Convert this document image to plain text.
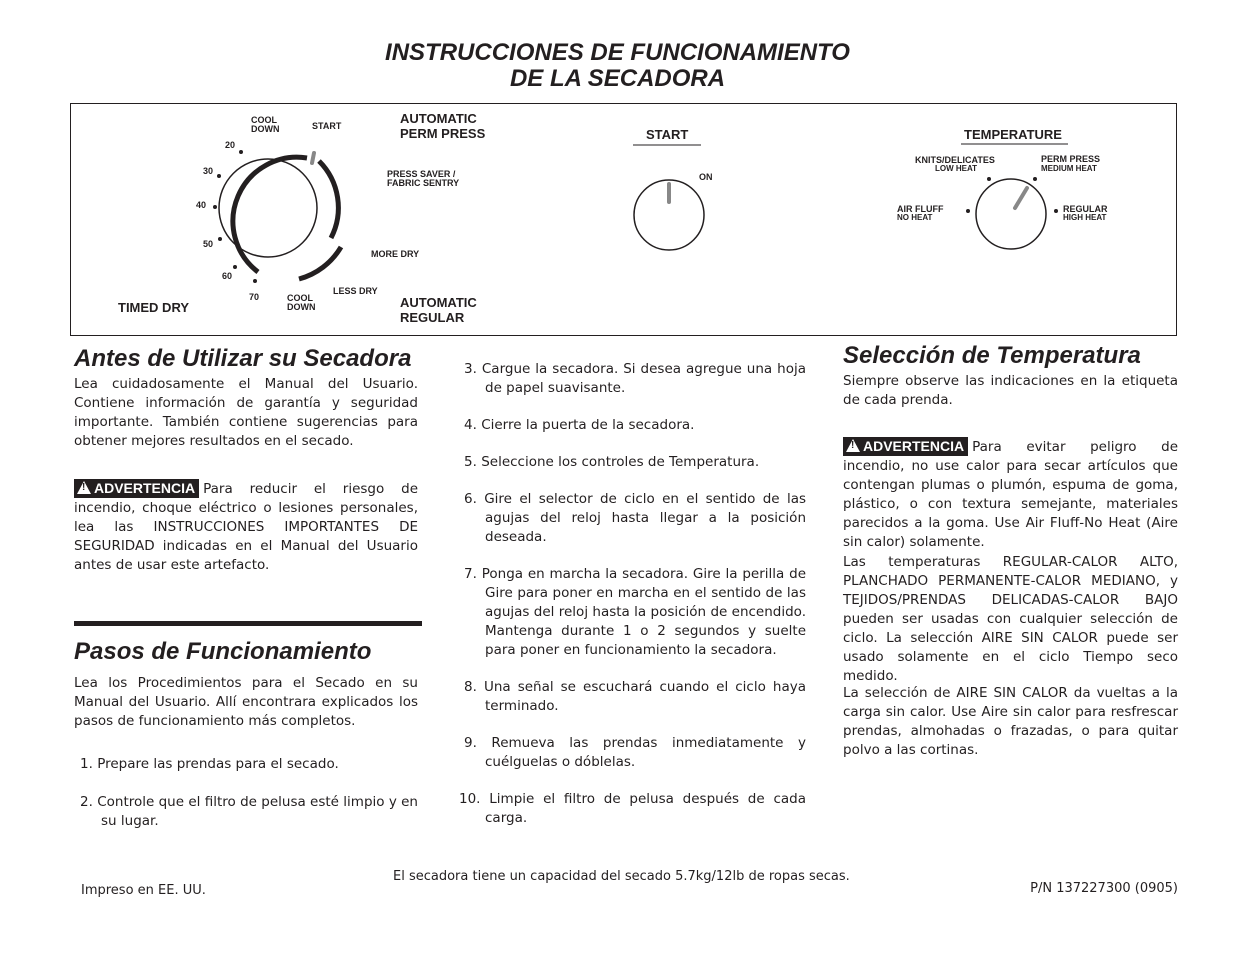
INSTRUCCIONES DE FUNCIONAMIENTO
DE LA SECADORA
COOL
DOWN	START	AUTOMATIC
PERM PRESS
PRESS SAVER /
FABRIC SENTRY
MORE DRY
LESS DRY
COOL
DOWN	AUTOMATIC
REGULAR
TIMED DRY
20
30
40
50
60
70
START
ON
TEMPERATURE
KNITS/DELICATES
LOW HEAT
PERM PRESS
MEDIUM HEAT
AIR FLUFF
NO HEAT
REGULAR
HIGH HEAT
Antes de Utilizar su Secadora

Lea cuidadosamente el Manual del Usuario. Contiene información de garantía y seguridad importante. También contiene sugerencias para obtener mejores resultados en el secado.

! ADVERTENCIA Para reducir el riesgo de incendio, choque eléctrico o lesiones personales, lea las INSTRUCCIONES IMPORTANTES DE SEGURIDAD indicadas en el Manual del Usuario antes de usar este artefacto.

Pasos de Funcionamiento

Lea los Procedimientos para el Secado en su Manual del Usuario. Allí encontrara explicados los pasos de funcionamiento más completos.

1. Prepare las prendas para el secado.
2. Controle que el filtro de pelusa esté limpio y en su lugar.
3. Cargue la secadora. Si desea agregue una hoja de papel suavisante.
4. Cierre la puerta de la secadora.
5. Seleccione los controles de Temperatura.
6. Gire el selector de ciclo en el sentido de las agujas del reloj hasta llegar a la posición deseada.
7. Ponga en marcha la secadora. Gire la perilla de Gire para poner en marcha en el sentido de las agujas del reloj hasta la posición de encendido. Mantenga durante 1 o 2 segundos y suelte para poner en funcionamiento la secadora.
8. Una señal se escuchará cuando el ciclo haya terminado.
9. Remueva las prendas inmediatamente y cuélguelas o dóblelas.
10. Limpie el filtro de pelusa después de cada carga.
Selección de Temperatura

Siempre observe las indicaciones en la etiqueta de cada prenda.

! ADVERTENCIA Para evitar peligro de incendio, no use calor para secar artículos que contengan plumas o plumón, espuma de goma, plástico, o con textura semejante, materiales parecidos a la goma. Use Air Fluff-No Heat (Aire sin calor) solamente.

Las temperaturas REGULAR-CALOR ALTO, PLANCHADO PERMANENTE-CALOR MEDIANO, y TEJIDOS/PRENDAS DELICADAS-CALOR BAJO pueden ser usadas con cualquier selección de ciclo. La selección AIRE SIN CALOR puede ser usado solamente en el ciclo Tiempo seco medido.

La selección de AIRE SIN CALOR da vueltas a la carga sin calor. Use Aire sin calor para resfrescar prendas, almohadas o frazadas, o para quitar polvo a las cortinas.

Impreso en EE. UU.
El secadora tiene un capacidad del secado 5.7kg/12lb de ropas secas.
P/N 137227300 (0905)
